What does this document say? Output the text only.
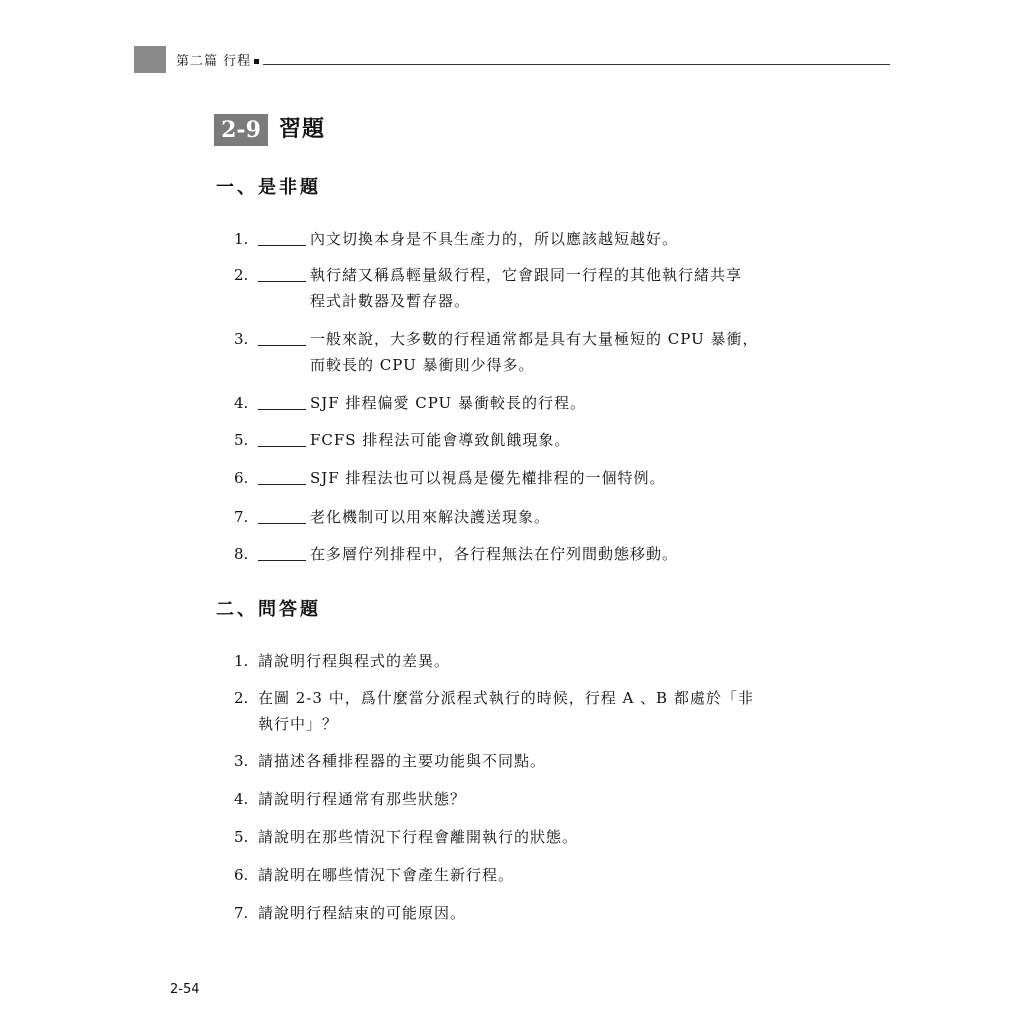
第二篇 行程
2-9 習題
一、是非題
1.	內文切換本身是不具生產力的，所以應該越短越好。
2.	執行緒又稱爲輕量級行程，它會跟同一行程的其他執行緒共享
程式計數器及暫存器。
3.	一般來說，大多數的行程通常都是具有大量極短的 CPU 暴衝，
而較長的 CPU 暴衝則少得多。
4.	SJF 排程偏愛 CPU 暴衝較長的行程。
5.	FCFS 排程法可能會導致飢餓現象。
6.	SJF 排程法也可以視爲是優先權排程的一個特例。
7.	老化機制可以用來解決護送現象。
8.	在多層佇列排程中，各行程無法在佇列間動態移動。
二、問答題
1. 請說明行程與程式的差異。
2. 在圖 2-3 中，爲什麼當分派程式執行的時候，行程 A 、B 都處於「非
執行中」？
3. 請描述各種排程器的主要功能與不同點。
4. 請說明行程通常有那些狀態？
5. 請說明在那些情況下行程會離開執行的狀態。
6. 請說明在哪些情況下會產生新行程。
7. 請說明行程結束的可能原因。
2-54
